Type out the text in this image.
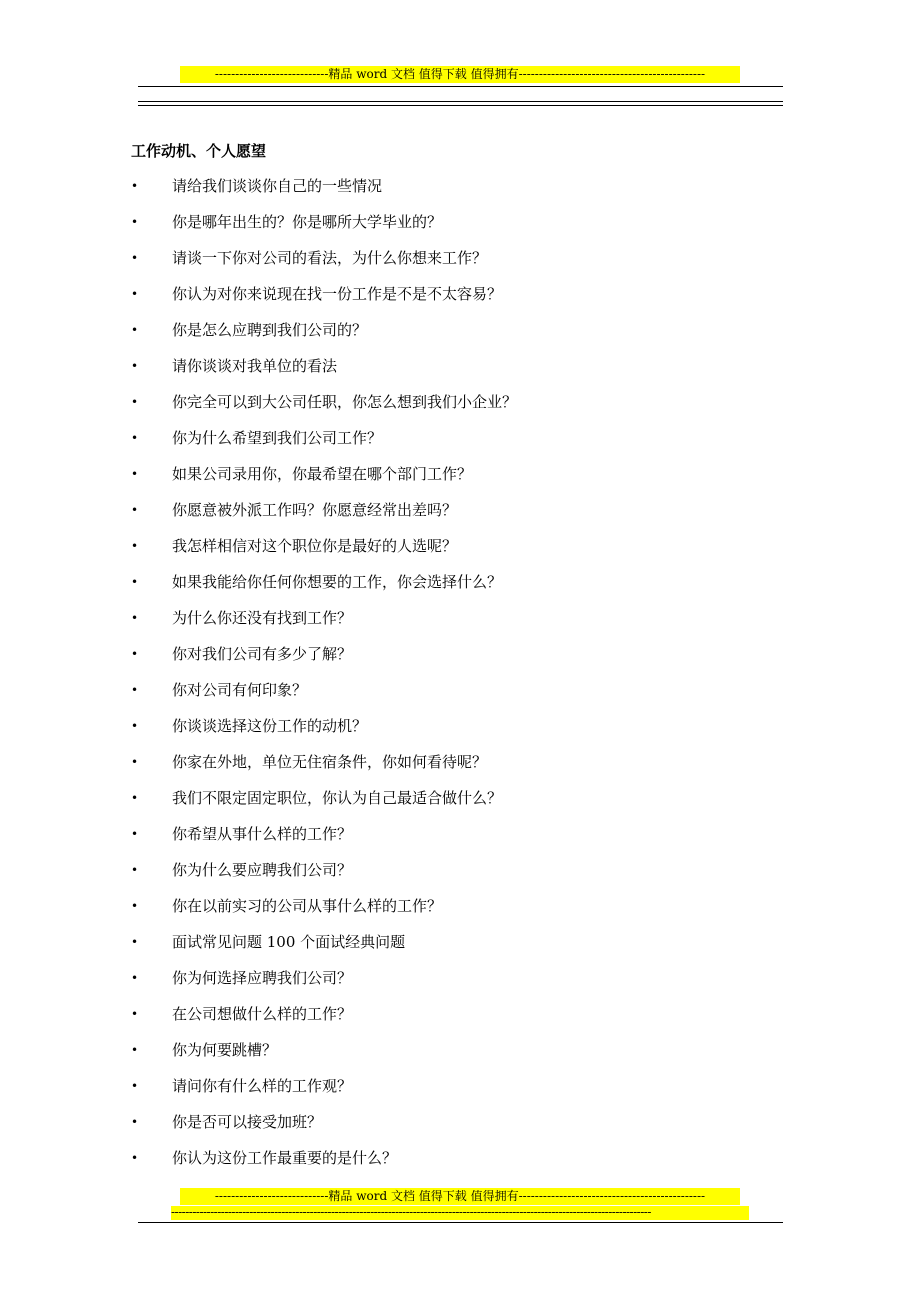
----------------------------精品 word 文档 值得下载 值得拥有----------------------------------------------
工作动机、个人愿望
•	请给我们谈谈你自己的一些情况
•	你是哪年出生的？你是哪所大学毕业的？
•	请谈一下你对公司的看法，为什么你想来工作？
•	你认为对你来说现在找一份工作是不是不太容易？
•	你是怎么应聘到我们公司的？
•	请你谈谈对我单位的看法
•	你完全可以到大公司任职，你怎么想到我们小企业？
•	你为什么希望到我们公司工作？
•	如果公司录用你，你最希望在哪个部门工作？
•	你愿意被外派工作吗？你愿意经常出差吗？
•	我怎样相信对这个职位你是最好的人选呢？
•	如果我能给你任何你想要的工作，你会选择什么？
•	为什么你还没有找到工作？
•	你对我们公司有多少了解？
•	你对公司有何印象？
•	你谈谈选择这份工作的动机？
•	你家在外地，单位无住宿条件，你如何看待呢？
•	我们不限定固定职位，你认为自己最适合做什么？
•	你希望从事什么样的工作？
•	你为什么要应聘我们公司？
•	你在以前实习的公司从事什么样的工作？
•	面试常见问题 100 个面试经典问题
•	你为何选择应聘我们公司？
•	在公司想做什么样的工作？
•	你为何要跳槽？
•	请问你有什么样的工作观？
•	你是否可以接受加班？
•	你认为这份工作最重要的是什么？
----------------------------精品 word 文档 值得下载 值得拥有----------------------------------------------
---------------------------------------------------------------------------------------------------------------------------------------
